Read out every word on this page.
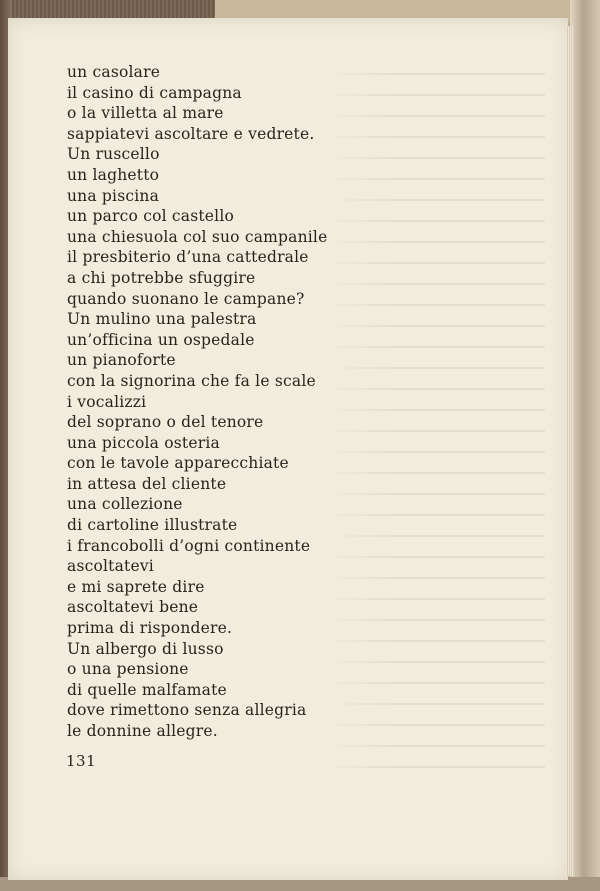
un casolare
il casino di campagna
o la villetta al mare
sappiatevi ascoltare e vedrete.
Un ruscello
un laghetto
una piscina
un parco col castello
una chiesuola col suo campanile
il presbiterio d’una cattedrale
a chi potrebbe sfuggire
quando suonano le campane?
Un mulino una palestra
un’officina un ospedale
un pianoforte
con la signorina che fa le scale
i vocalizzi
del soprano o del tenore
una piccola osteria
con le tavole apparecchiate
in attesa del cliente
una collezione
di cartoline illustrate
i francobolli d’ogni continente
ascoltatevi
e mi saprete dire
ascoltatevi bene
prima di rispondere.
Un albergo di lusso
o una pensione
di quelle malfamate
dove rimettono senza allegria
le donnine allegre.
131
